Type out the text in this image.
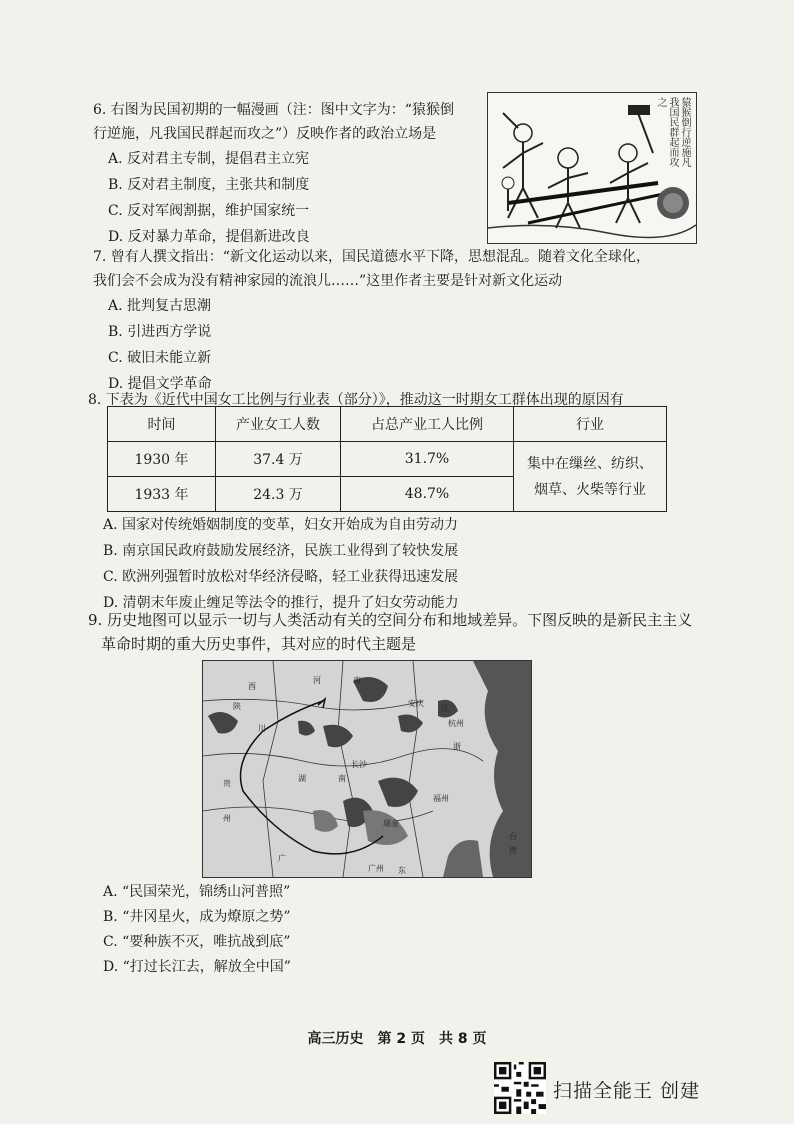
6. 右图为民国初期的一幅漫画（注：图中文字为：“猿猴倒
行逆施，凡我国民群起而攻之”）反映作者的政治立场是
A. 反对君主专制，提倡君主立宪
B. 反对君主制度，主张共和制度
C. 反对军阀割据，维护国家统一
D. 反对暴力革命，提倡新进改良
猿猴倒行逆施凡我国民群起而攻之
7. 曾有人撰文指出：“新文化运动以来，国民道德水平下降，思想混乱。随着文化全球化，
我们会不会成为没有精神家园的流浪儿……”这里作者主要是针对新文化运动
A. 批判复古思潮
B. 引进西方学说
C. 破旧未能立新
D. 提倡文学革命
8. 下表为《近代中国女工比例与行业表（部分）》，推动这一时期女工群体出现的原因有
时间	产业女工人数	占总产业工人比例	行业
1930 年	37.4 万	31.7%	集中在缫丝、纺织、
烟草、火柴等行业

1933 年	24.3 万	48.7%	
A. 国家对传统婚姻制度的变革，妇女开始成为自由劳动力
B. 南京国民政府鼓励发展经济，民族工业得到了较快发展
C. 欧洲列强暂时放松对华经济侵略，轻工业获得迅速发展
D. 清朝末年废止缠足等法令的推行，提升了妇女劳动能力
9. 历史地图可以显示一切与人类活动有关的空间分布和地域差异。下图反映的是新民主主义
革命时期的重大历史事件，其对应的时代主题是
西
河	南
川
陕
长沙
湖	南
广
浙
江
台
湾
广州 东
州
贵
安庆
杭州
福州
瑞金
A. “民国荣光，锦绣山河普照”
B. “井冈星火，成为燎原之势”
C. “要种族不灭，唯抗战到底”
D. “打过长江去，解放全中国”
高三历史　第 2 页　共 8 页
扫描全能王 创建
